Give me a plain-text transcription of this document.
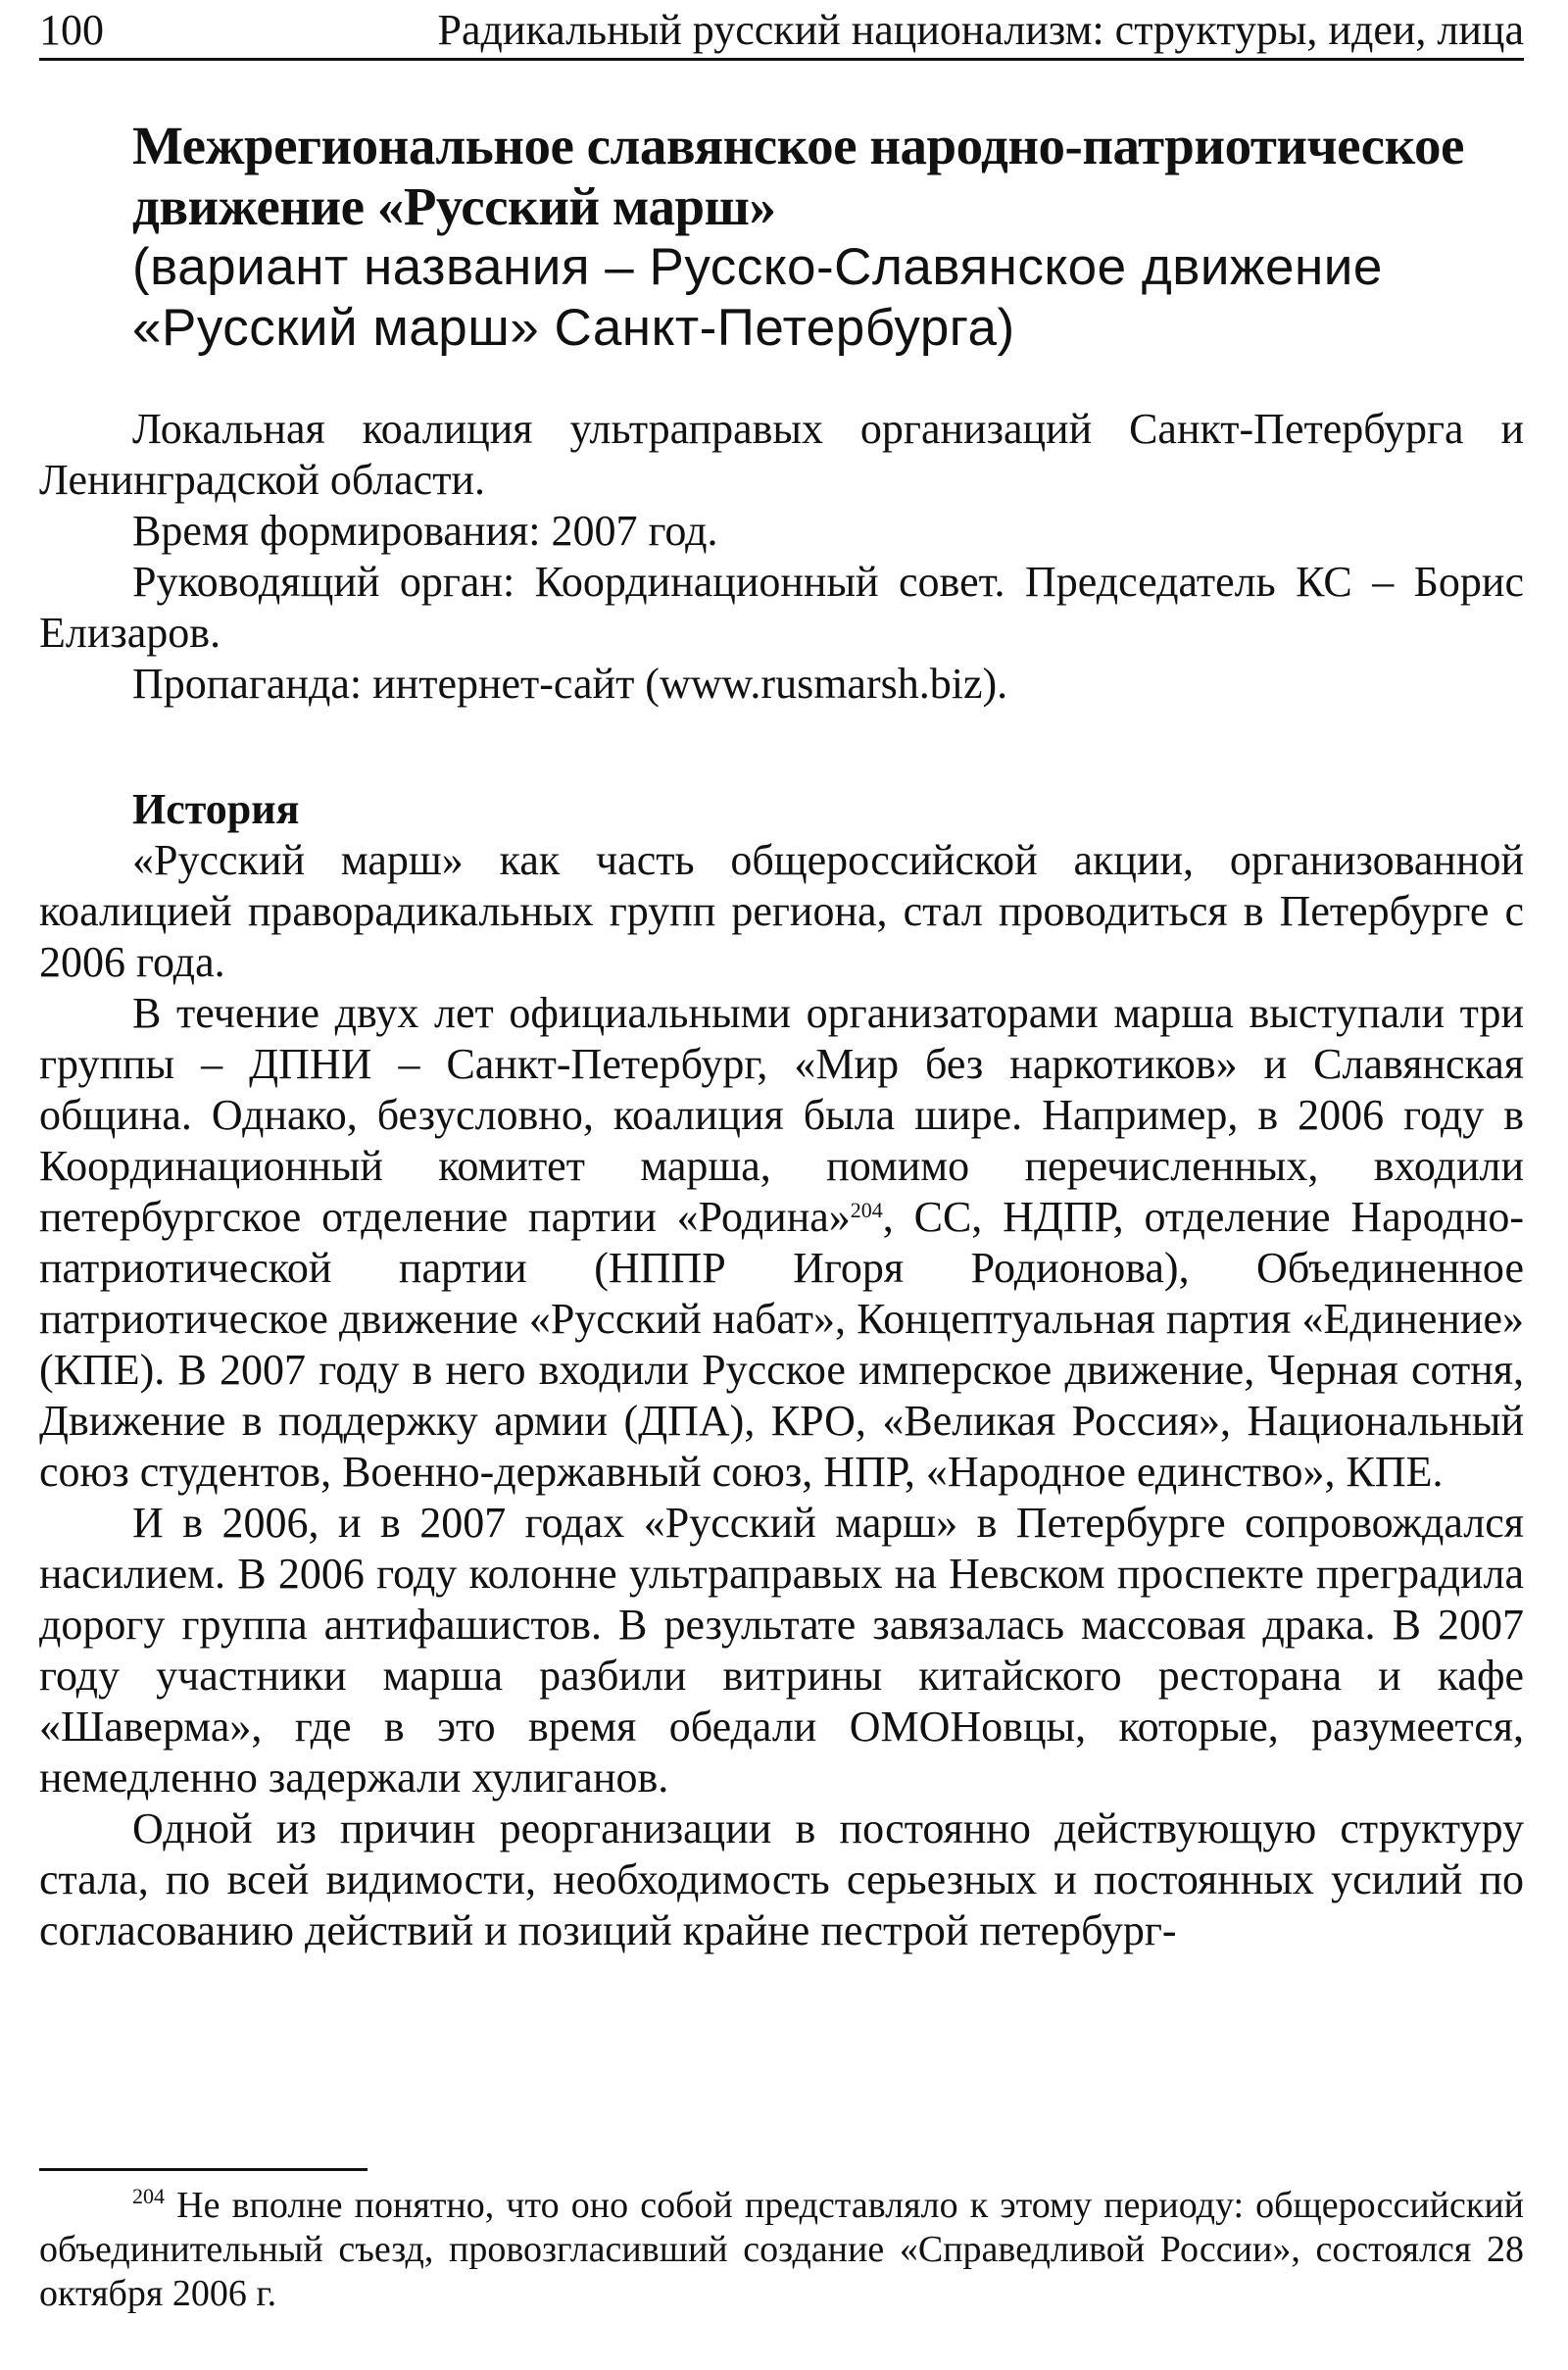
100	Радикальный русский национализм: структуры, идеи, лица
Межрегиональное славянское народно-патриотическое
движение «Русский марш»
(вариант названия – Русско-Славянское движение
«Русский марш» Санкт-Петербурга)

Локальная коалиция ультраправых организаций Санкт-Петербурга и Ленинградской области.

Время формирования: 2007 год.

Руководящий орган: Координационный совет. Председатель КС – Борис Елизаров.

Пропаганда: интернет-сайт (www.rusmarsh.biz).

История

«Русский марш» как часть общероссийской акции, организованной коалицией праворадикальных групп региона, стал проводиться в Петербурге с 2006 года.

В течение двух лет официальными организаторами марша выступали три группы – ДПНИ – Санкт-Петербург, «Мир без наркотиков» и Славянская община. Однако, безусловно, коалиция была шире. Например, в 2006 году в Координационный комитет марша, помимо перечисленных, входили петербургское отделение партии «Родина»$^{204}$, СС, НДПР, отделение Народно-патриотической партии (НППР Игоря Родионова), Объединенное патриотическое движение «Русский набат», Концептуальная партия «Единение» (КПЕ). В 2007 году в него входили Русское имперское движение, Черная сотня, Движение в поддержку армии (ДПА), КРО, «Великая Россия», Национальный союз студентов, Военно-державный союз, НПР, «Народное единство», КПЕ.

И в 2006, и в 2007 годах «Русский марш» в Петербурге сопровождался насилием. В 2006 году колонне ультраправых на Невском проспекте преградила дорогу группа антифашистов. В результате завязалась массовая драка. В 2007 году участники марша разбили витрины китайского ресторана и кафе «Шаверма», где в это время обедали ОМОНовцы, которые, разумеется, немедленно задержали хулиганов.

Одной из причин реорганизации в постоянно действующую структуру стала, по всей видимости, необходимость серьезных и постоянных усилий по согласованию действий и позиций крайне пестрой петербург-

$^{204}$ Не вполне понятно, что оно собой представляло к этому периоду: общероссийский объединительный съезд, провозгласивший создание «Справедливой России», состоялся 28 октября 2006 г.
